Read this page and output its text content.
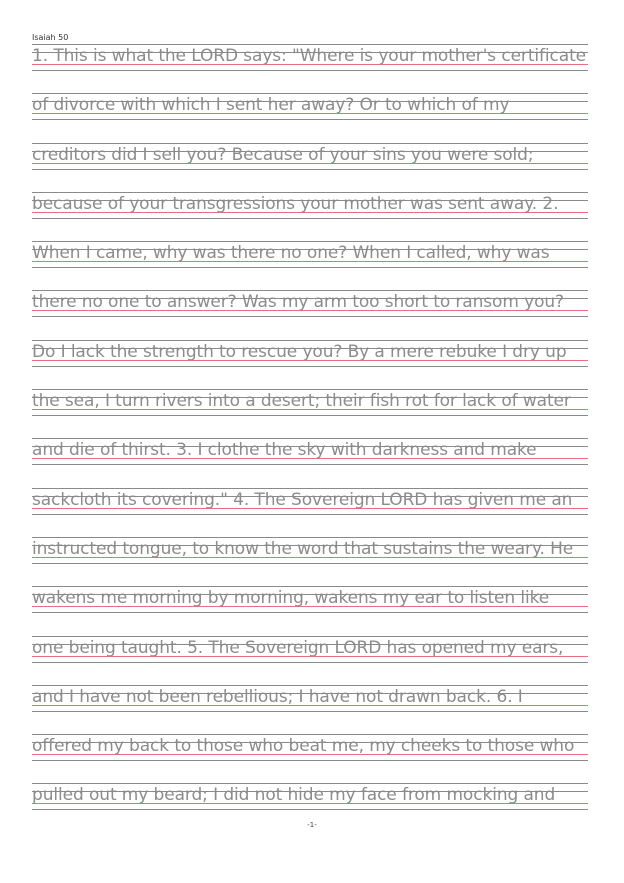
Isaiah 50
1. This is what the LORD says: "Where is your mother's certificate
of divorce with which I sent her away? Or to which of my
creditors did I sell you? Because of your sins you were sold;
because of your transgressions your mother was sent away. 2.
When I came, why was there no one? When I called, why was
there no one to answer? Was my arm too short to ransom you?
Do I lack the strength to rescue you? By a mere rebuke I dry up
the sea, I turn rivers into a desert; their fish rot for lack of water
and die of thirst. 3. I clothe the sky with darkness and make
sackcloth its covering." 4. The Sovereign LORD has given me an
instructed tongue, to know the word that sustains the weary. He
wakens me morning by morning, wakens my ear to listen like
one being taught. 5. The Sovereign LORD has opened my ears,
and I have not been rebellious; I have not drawn back. 6. I
offered my back to those who beat me, my cheeks to those who
pulled out my beard; I did not hide my face from mocking and
-1-
